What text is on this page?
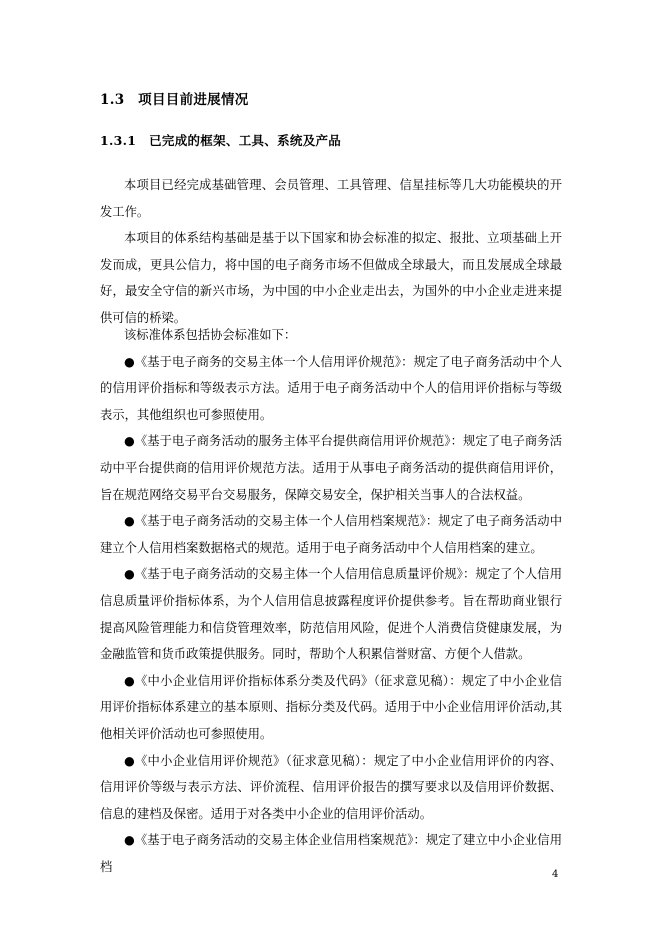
1.3　项目目前进展情况
1.3.1　已完成的框架、工具、系统及产品

本项目已经完成基础管理、会员管理、工具管理、信星挂标等几大功能模块的开发工作。

本项目的体系结构基础是基于以下国家和协会标准的拟定、报批、立项基础上开发而成，更具公信力，将中国的电子商务市场不但做成全球最大，而且发展成全球最好，最安全守信的新兴市场，为中国的中小企业走出去，为国外的中小企业走进来提供可信的桥梁。

该标准体系包括协会标准如下：

●《基于电子商务的交易主体一个人信用评价规范》：规定了电子商务活动中个人的信用评价指标和等级表示方法。适用于电子商务活动中个人的信用评价指标与等级表示，其他组织也可参照使用。

●《基于电子商务活动的服务主体平台提供商信用评价规范》：规定了电子商务活动中平台提供商的信用评价规范方法。适用于从事电子商务活动的提供商信用评价，旨在规范网络交易平台交易服务，保障交易安全，保护相关当事人的合法权益。

●《基于电子商务活动的交易主体一个人信用档案规范》：规定了电子商务活动中建立个人信用档案数据格式的规范。适用于电子商务活动中个人信用档案的建立。

●《基于电子商务活动的交易主体一个人信用信息质量评价规》：规定了个人信用信息质量评价指标体系，为个人信用信息披露程度评价提供参考。旨在帮助商业银行提高风险管理能力和信贷管理效率，防范信用风险，促进个人消费信贷健康发展，为金融监管和货币政策提供服务。同时，帮助个人积累信誉财富、方便个人借款。

●《中小企业信用评价指标体系分类及代码》（征求意见稿）：规定了中小企业信用评价指标体系建立的基本原则、指标分类及代码。适用于中小企业信用评价活动,其他相关评价活动也可参照使用。

●《中小企业信用评价规范》（征求意见稿）：规定了中小企业信用评价的内容、信用评价等级与表示方法、评价流程、信用评价报告的撰写要求以及信用评价数据、信息的建档及保密。适用于对各类中小企业的信用评价活动。

●《基于电子商务活动的交易主体企业信用档案规范》：规定了建立中小企业信用档

4
